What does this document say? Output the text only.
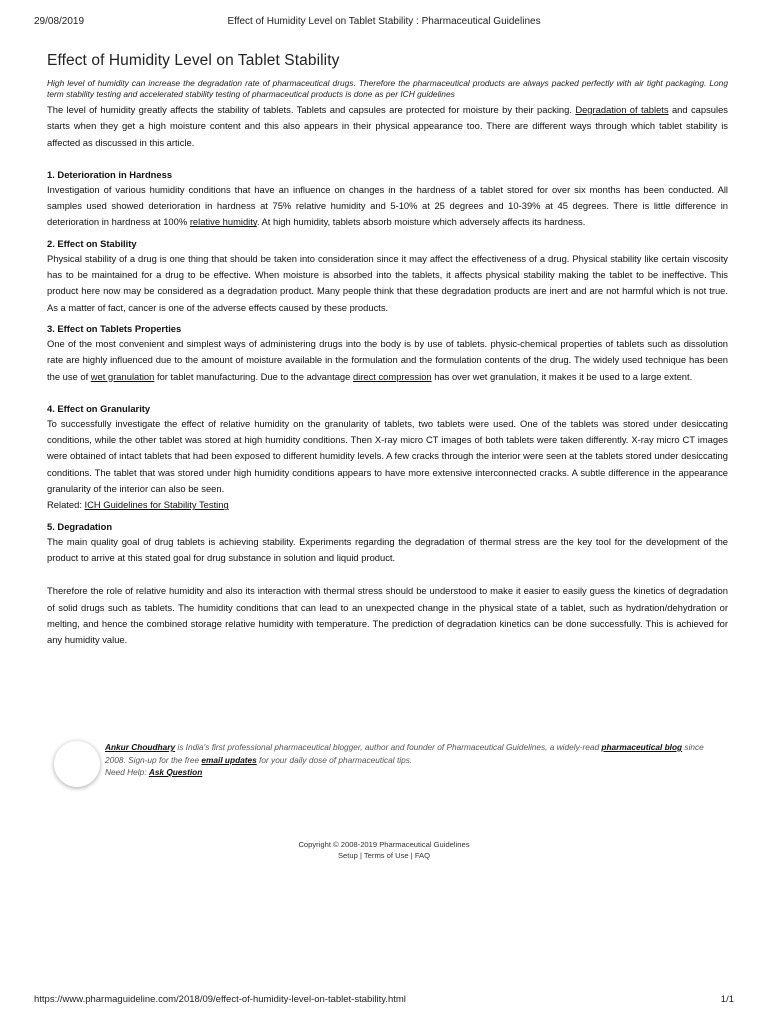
29/08/2019	Effect of Humidity Level on Tablet Stability : Pharmaceutical Guidelines
Effect of Humidity Level on Tablet Stability

High level of humidity can increase the degradation rate of pharmaceutical drugs. Therefore the pharmaceutical products are always packed perfectly with air tight packaging. Long term stability testing and accelerated stability testing of pharmaceutical products is done as per ICH guidelines

The level of humidity greatly affects the stability of tablets. Tablets and capsules are protected for moisture by their packing. Degradation of tablets and capsules starts when they get a high moisture content and this also appears in their physical appearance too. There are different ways through which tablet stability is affected as discussed in this article.

1. Deterioration in Hardness

Investigation of various humidity conditions that have an influence on changes in the hardness of a tablet stored for over six months has been conducted. All samples used showed deterioration in hardness at 75% relative humidity and 5-10% at 25 degrees and 10-39% at 45 degrees. There is little difference in deterioration in hardness at 100% relative humidity. At high humidity, tablets absorb moisture which adversely affects its hardness.

2. Effect on Stability

Physical stability of a drug is one thing that should be taken into consideration since it may affect the effectiveness of a drug. Physical stability like certain viscosity has to be maintained for a drug to be effective. When moisture is absorbed into the tablets, it affects physical stability making the tablet to be ineffective. This product here now may be considered as a degradation product. Many people think that these degradation products are inert and are not harmful which is not true. As a matter of fact, cancer is one of the adverse effects caused by these products.

3. Effect on Tablets Properties

One of the most convenient and simplest ways of administering drugs into the body is by use of tablets. physic-chemical properties of tablets such as dissolution rate are highly influenced due to the amount of moisture available in the formulation and the formulation contents of the drug. The widely used technique has been the use of wet granulation for tablet manufacturing. Due to the advantage direct compression has over wet granulation, it makes it be used to a large extent.

4. Effect on Granularity

To successfully investigate the effect of relative humidity on the granularity of tablets, two tablets were used. One of the tablets was stored under desiccating conditions, while the other tablet was stored at high humidity conditions. Then X-ray micro CT images of both tablets were taken differently. X-ray micro CT images were obtained of intact tablets that had been exposed to different humidity levels. A few cracks through the interior were seen at the tablets stored under desiccating conditions. The tablet that was stored under high humidity conditions appears to have more extensive interconnected cracks. A subtle difference in the appearance granularity of the interior can also be seen.

Related: ICH Guidelines for Stability Testing

5. Degradation

The main quality goal of drug tablets is achieving stability. Experiments regarding the degradation of thermal stress are the key tool for the development of the product to arrive at this stated goal for drug substance in solution and liquid product.

Therefore the role of relative humidity and also its interaction with thermal stress should be understood to make it easier to easily guess the kinetics of degradation of solid drugs such as tablets. The humidity conditions that can lead to an unexpected change in the physical state of a tablet, such as hydration/dehydration or melting, and hence the combined storage relative humidity with temperature. The prediction of degradation kinetics can be done successfully. This is achieved for any humidity value.

Ankur Choudhary is India's first professional pharmaceutical blogger, author and founder of Pharmaceutical Guidelines, a widely-read pharmaceutical blog since 2008. Sign-up for the free email updates for your daily dose of pharmaceutical tips.
Need Help: Ask Question
Copyright © 2008-2019 Pharmaceutical Guidelines
Setup | Terms of Use | FAQ
https://www.pharmaguideline.com/2018/09/effect-of-humidity-level-on-tablet-stability.html	1/1
